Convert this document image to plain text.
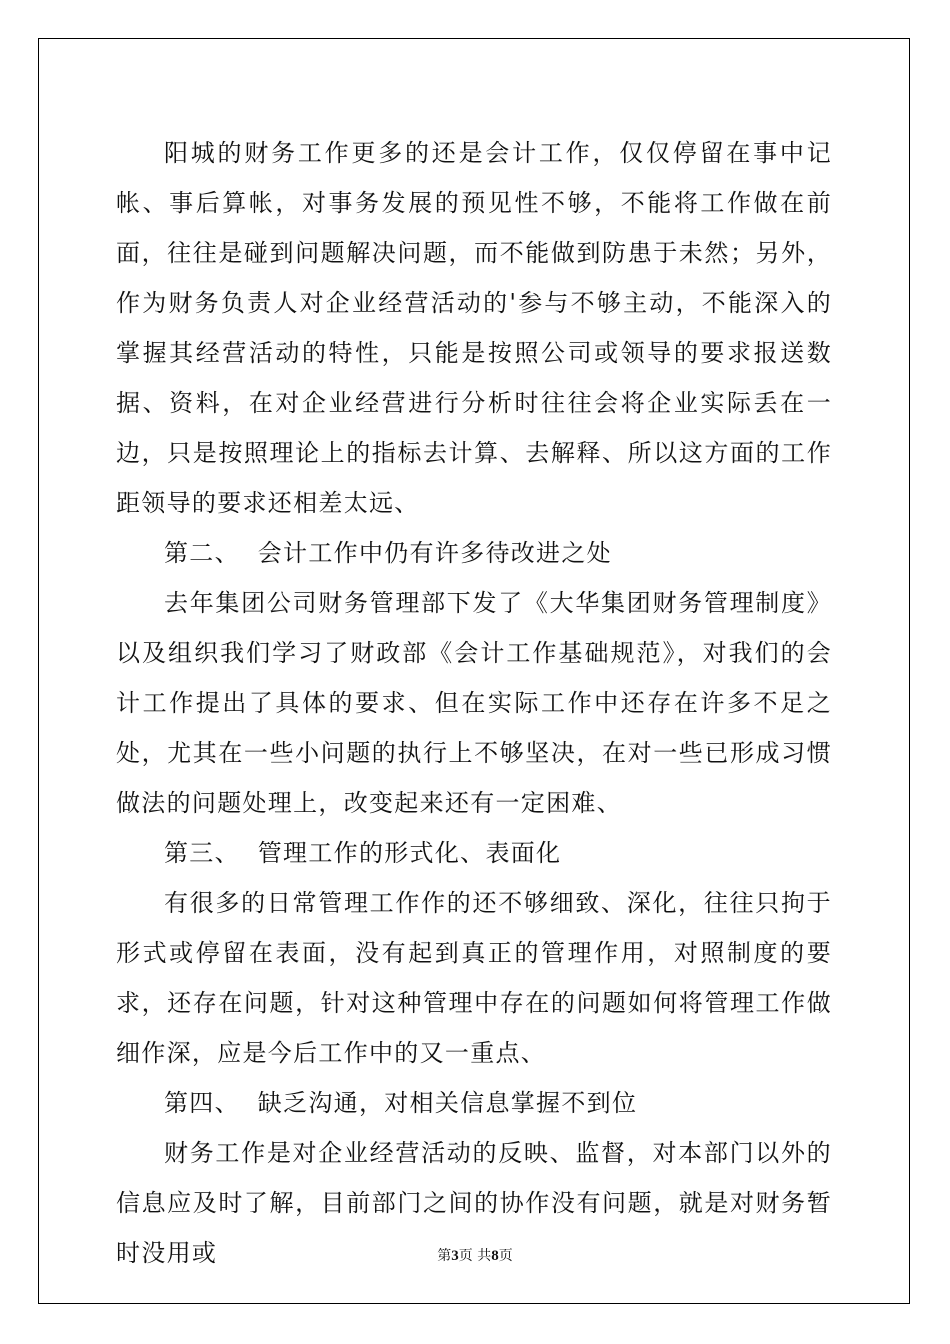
阳城的财务工作更多的还是会计工作，仅仅停留在事中记帐、事后算帐，对事务发展的预见性不够，不能将工作做在前面，往往是碰到问题解决问题，而不能做到防患于未然；另外，作为财务负责人对企业经营活动的'参与不够主动，不能深入的掌握其经营活动的特性，只能是按照公司或领导的要求报送数据、资料，在对企业经营进行分析时往往会将企业实际丢在一边，只是按照理论上的指标去计算、去解释、所以这方面的工作距领导的要求还相差太远、

第二、  会计工作中仍有许多待改进之处

去年集团公司财务管理部下发了《大华集团财务管理制度》以及组织我们学习了财政部《会计工作基础规范》，对我们的会计工作提出了具体的要求、但在实际工作中还存在许多不足之处，尤其在一些小问题的执行上不够坚决，在对一些已形成习惯做法的问题处理上，改变起来还有一定困难、

第三、  管理工作的形式化、表面化

有很多的日常管理工作作的还不够细致、深化，往往只拘于形式或停留在表面，没有起到真正的管理作用，对照制度的要求，还存在问题，针对这种管理中存在的问题如何将管理工作做细作深，应是今后工作中的又一重点、

第四、  缺乏沟通，对相关信息掌握不到位

财务工作是对企业经营活动的反映、监督，对本部门以外的信息应及时了解，目前部门之间的协作没有问题，就是对财务暂时没用或	第3页 共8页
